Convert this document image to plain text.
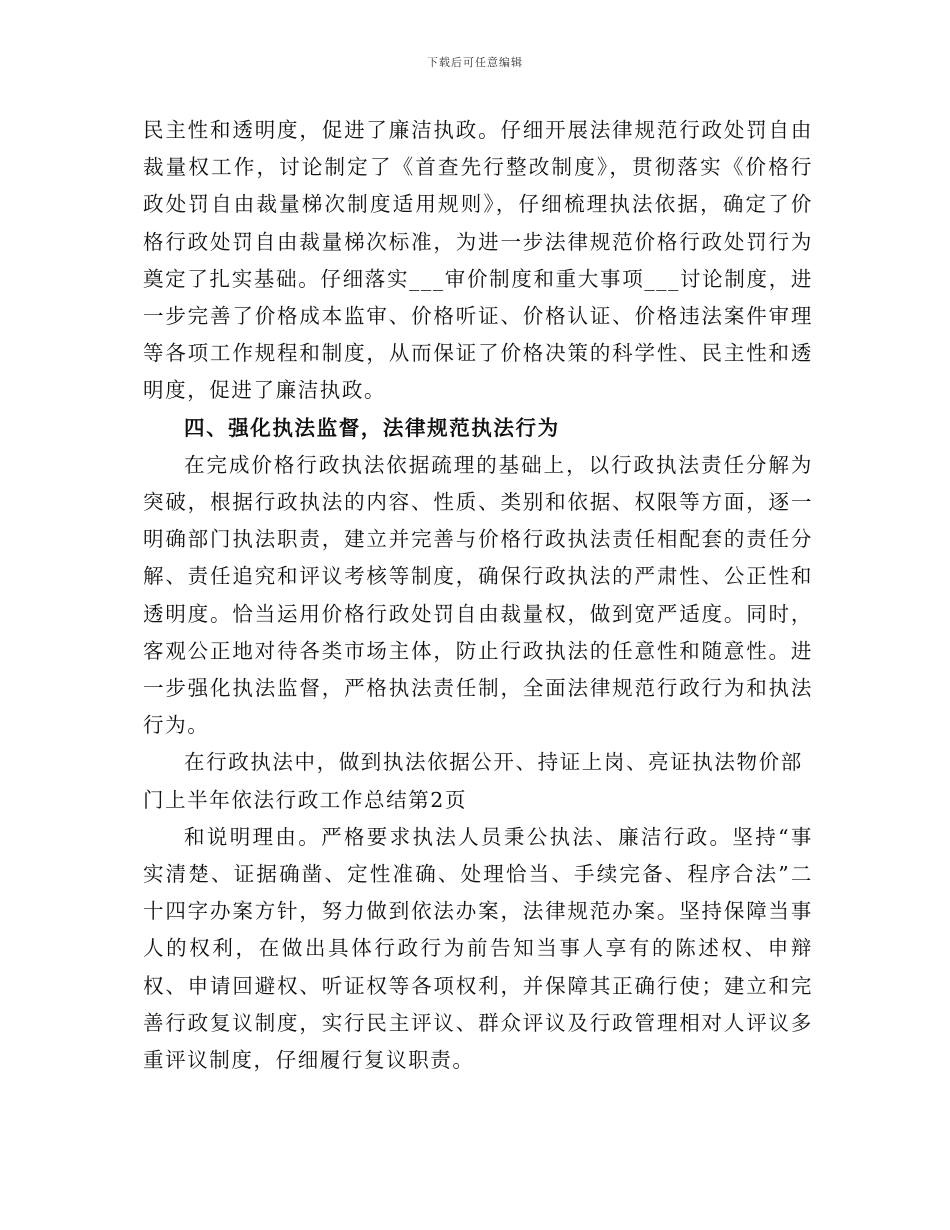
下载后可任意编辑

民主性和透明度，促进了廉洁执政。仔细开展法律规范行政处罚自由裁量权工作，讨论制定了《首查先行整改制度》，贯彻落实《价格行政处罚自由裁量梯次制度适用规则》，仔细梳理执法依据，确定了价格行政处罚自由裁量梯次标准，为进一步法律规范价格行政处罚行为奠定了扎实基础。仔细落实___审价制度和重大事项___讨论制度，进一步完善了价格成本监审、价格听证、价格认证、价格违法案件审理等各项工作规程和制度，从而保证了价格决策的科学性、民主性和透明度，促进了廉洁执政。

四、强化执法监督，法律规范执法行为

在完成价格行政执法依据疏理的基础上，以行政执法责任分解为突破，根据行政执法的内容、性质、类别和依据、权限等方面，逐一明确部门执法职责，建立并完善与价格行政执法责任相配套的责任分解、责任追究和评议考核等制度，确保行政执法的严肃性、公正性和透明度。恰当运用价格行政处罚自由裁量权，做到宽严适度。同时，客观公正地对待各类市场主体，防止行政执法的任意性和随意性。进一步强化执法监督，严格执法责任制，全面法律规范行政行为和执法行为。

在行政执法中，做到执法依据公开、持证上岗、亮证执法物价部

门上半年依法行政工作总结第2页

和说明理由。严格要求执法人员秉公执法、廉洁行政。坚持“事实清楚、证据确凿、定性准确、处理恰当、手续完备、程序合法”二十四字办案方针，努力做到依法办案，法律规范办案。坚持保障当事人的权利，在做出具体行政行为前告知当事人享有的陈述权、申辩权、申请回避权、听证权等各项权利，并保障其正确行使；建立和完善行政复议制度，实行民主评议、群众评议及行政管理相对人评议多重评议制度，仔细履行复议职责。
